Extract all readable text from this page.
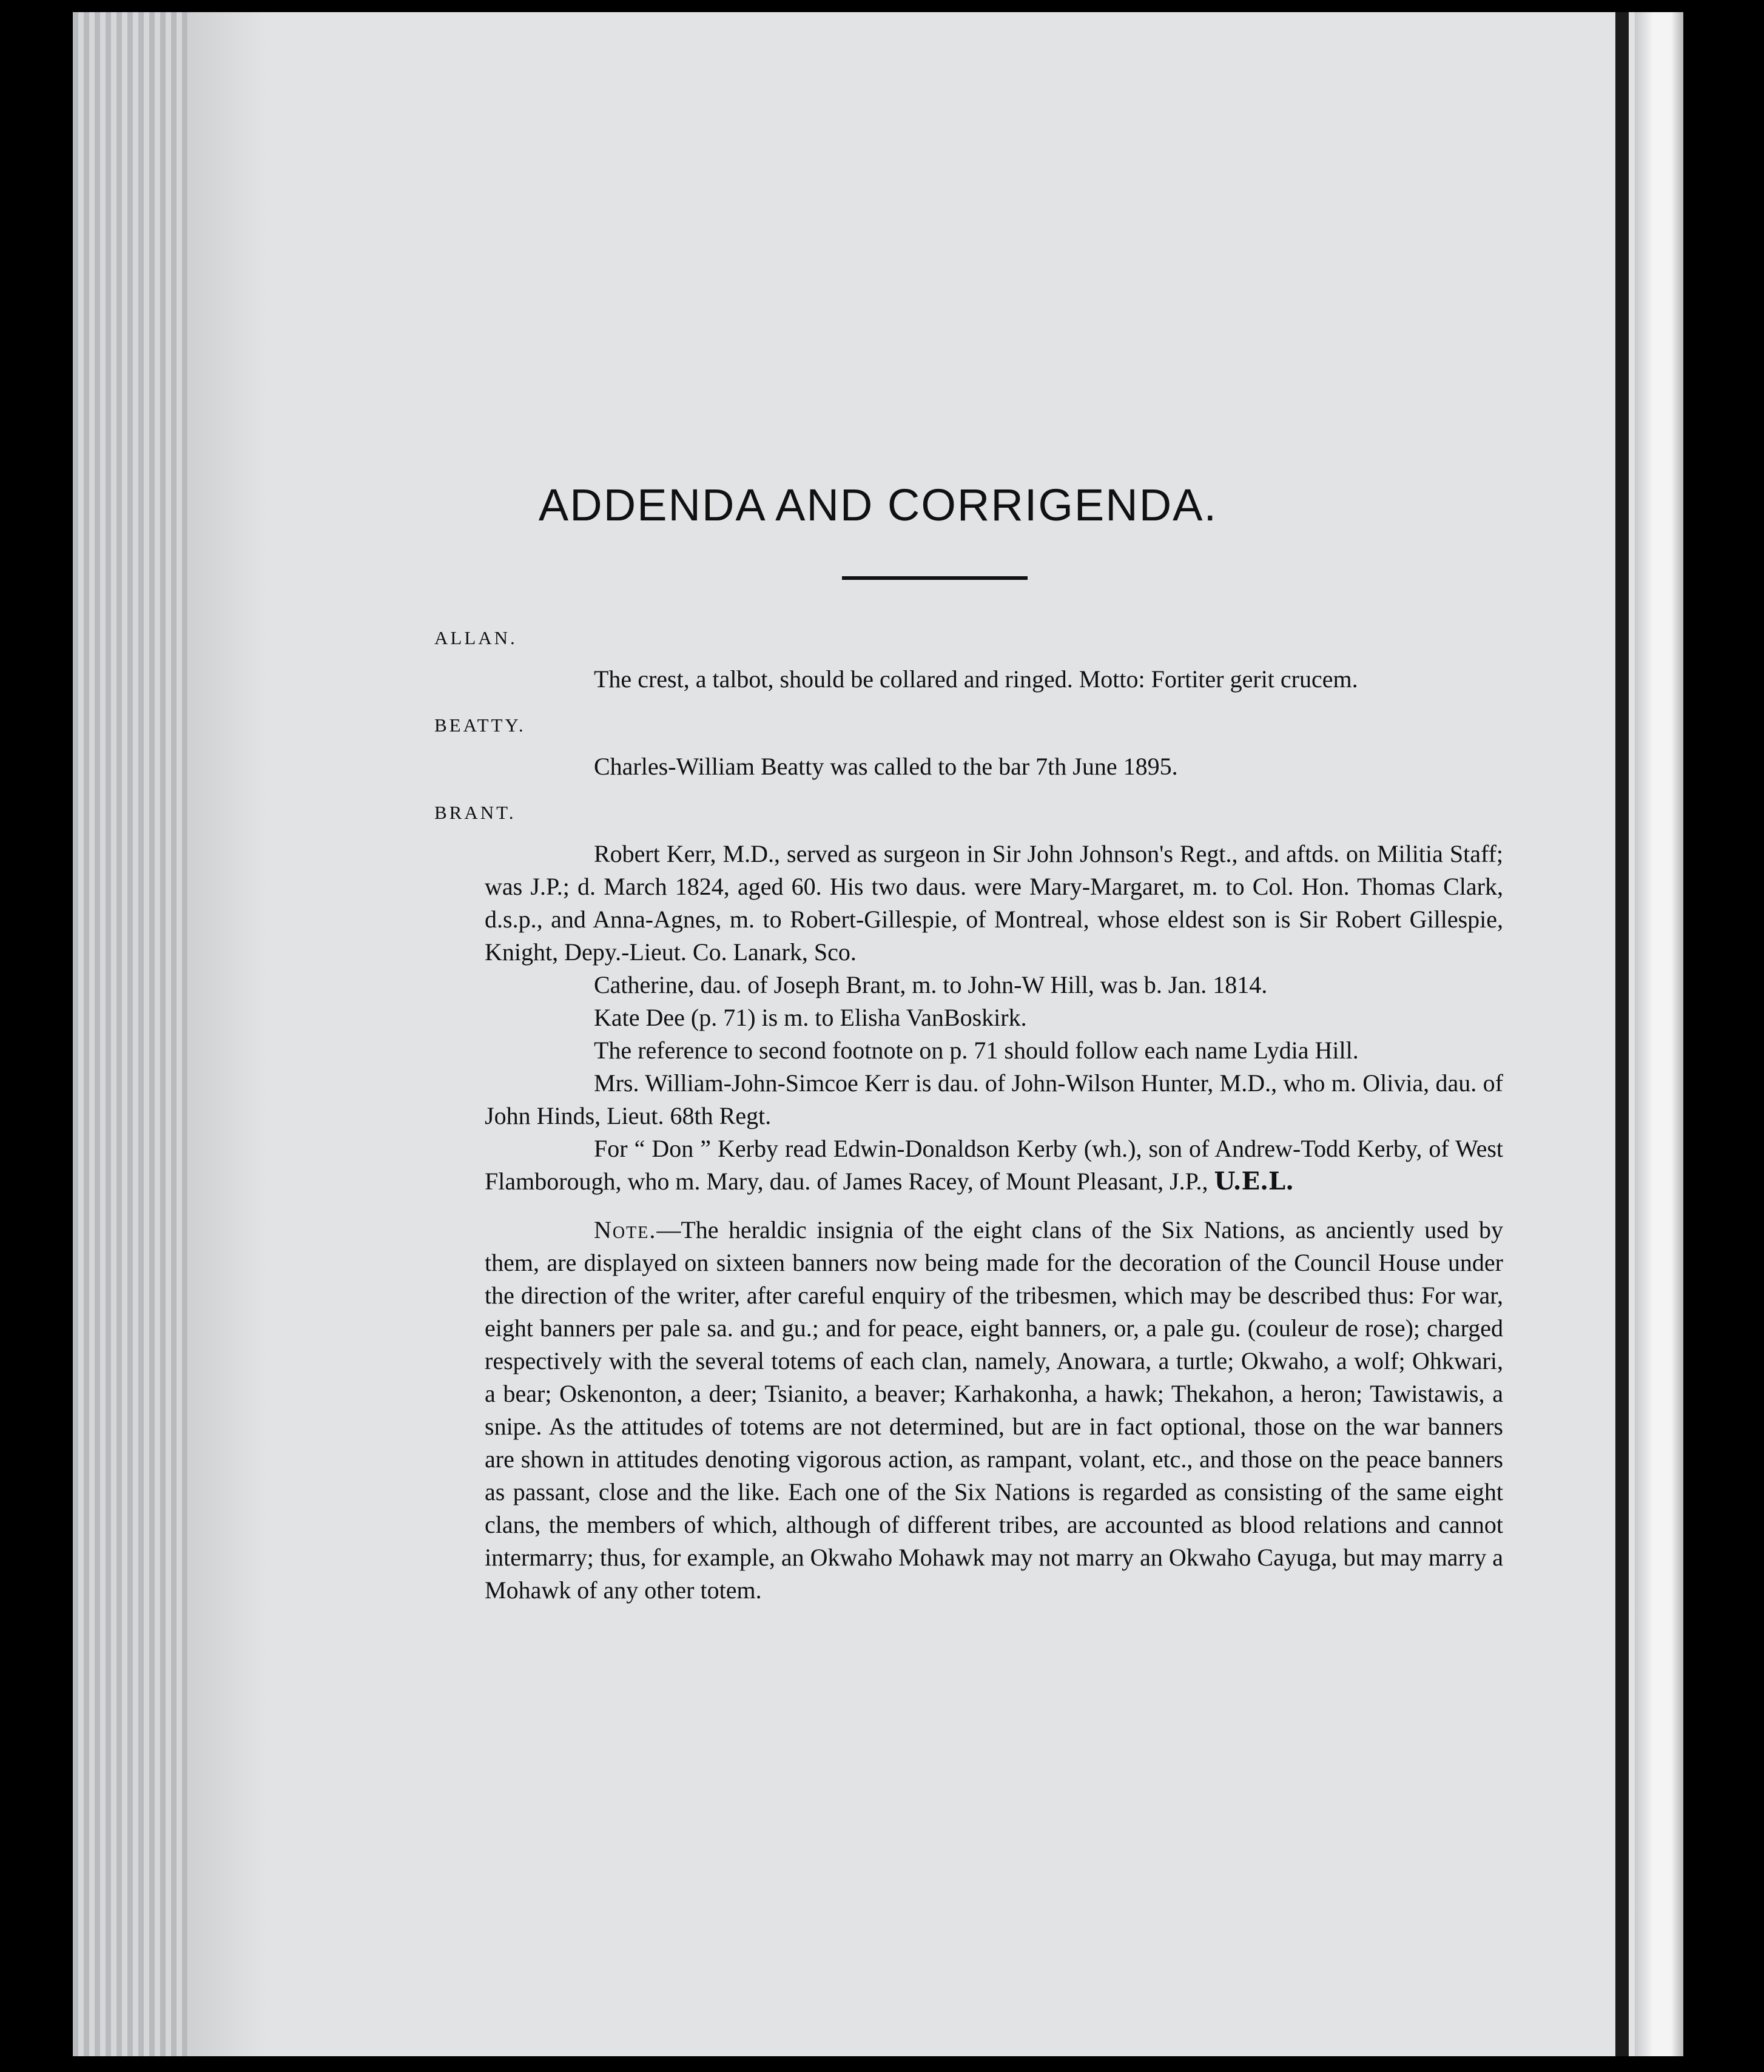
ADDENDA AND CORRIGENDA.
ALLAN.

The crest, a talbot, should be collared and ringed. Motto: Fortiter gerit crucem.

BEATTY.

Charles-William Beatty was called to the bar 7th June 1895.

BRANT.

Robert Kerr, M.D., served as surgeon in Sir John Johnson's Regt., and aftds. on Militia Staff; was J.P.; d. March 1824, aged 60. His two daus. were Mary-Margaret, m. to Col. Hon. Thomas Clark, d.s.p., and Anna-Agnes, m. to Robert-Gillespie, of Montreal, whose eldest son is Sir Robert Gillespie, Knight, Depy.-Lieut. Co. Lanark, Sco.

Catherine, dau. of Joseph Brant, m. to John-W Hill, was b. Jan. 1814.

Kate Dee (p. 71) is m. to Elisha VanBoskirk.

The reference to second footnote on p. 71 should follow each name Lydia Hill.

Mrs. William-John-Simcoe Kerr is dau. of John-Wilson Hunter, M.D., who m. Olivia, dau. of John Hinds, Lieut. 68th Regt.

For “ Don ” Kerby read Edwin-Donaldson Kerby (wh.), son of Andrew-Todd Kerby, of West Flamborough, who m. Mary, dau. of James Racey, of Mount Pleasant, J.P., U.E.L.

Note.—The heraldic insignia of the eight clans of the Six Nations, as anciently used by them, are displayed on sixteen banners now being made for the decoration of the Council House under the direction of the writer, after careful enquiry of the tribesmen, which may be described thus: For war, eight banners per pale sa. and gu.; and for peace, eight banners, or, a pale gu. (couleur de rose); charged respectively with the several totems of each clan, namely, Anowara, a turtle; Okwaho, a wolf; Ohkwari, a bear; Oskenonton, a deer; Tsianito, a beaver; Karhakonha, a hawk; Thekahon, a heron; Tawistawis, a snipe. As the attitudes of totems are not determined, but are in fact optional, those on the war banners are shown in attitudes denoting vigorous action, as rampant, volant, etc., and those on the peace banners as passant, close and the like. Each one of the Six Nations is regarded as consisting of the same eight clans, the members of which, although of different tribes, are accounted as blood relations and cannot intermarry; thus, for example, an Okwaho Mohawk may not marry an Okwaho Cayuga, but may marry a Mohawk of any other totem.
